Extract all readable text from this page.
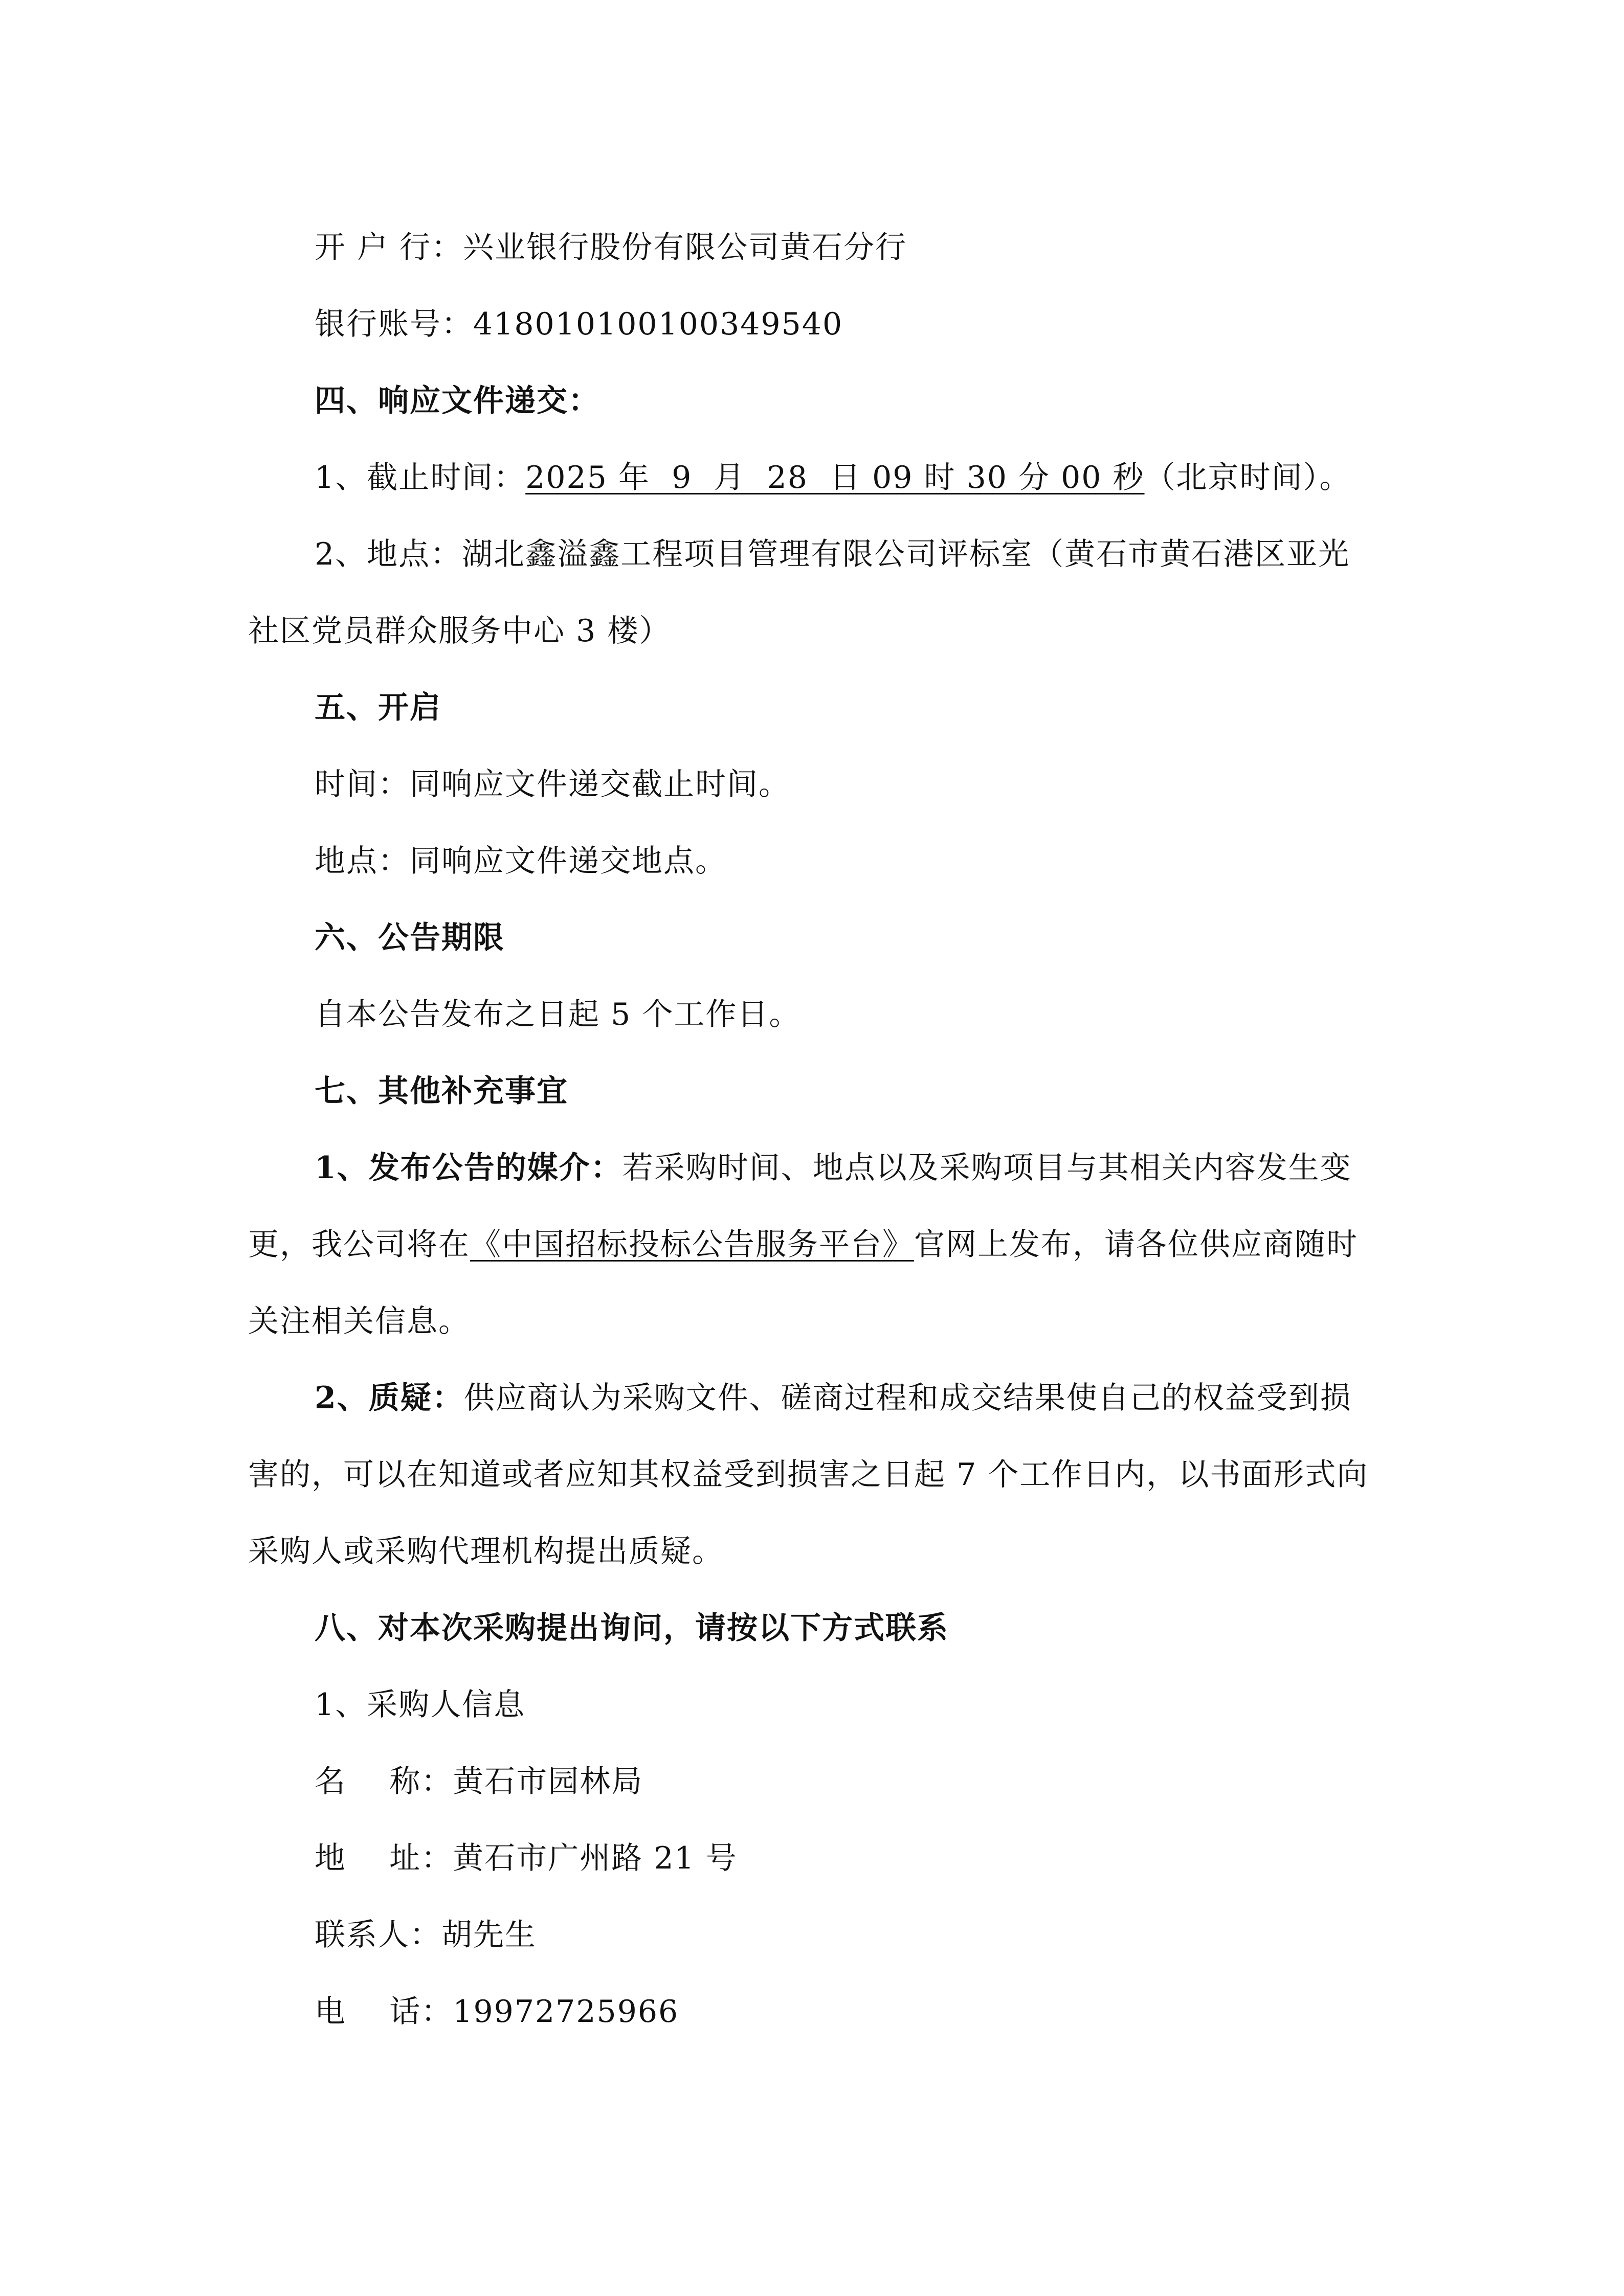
开 户 行：兴业银行股份有限公司黄石分行
银行账号：418010100100349540
四、响应文件递交：
1、截止时间：2025 年  9  月  28  日 09 时 30 分 00 秒（北京时间）。
2、地点：湖北鑫溢鑫工程项目管理有限公司评标室（黄石市黄石港区亚光
社区党员群众服务中心 3 楼）
五、开启
时间：同响应文件递交截止时间。
地点：同响应文件递交地点。
六、公告期限
自本公告发布之日起 5 个工作日。
七、其他补充事宜
1、发布公告的媒介：若采购时间、地点以及采购项目与其相关内容发生变
更，我公司将在《中国招标投标公告服务平台》官网上发布，请各位供应商随时
关注相关信息。
2、质疑：供应商认为采购文件、磋商过程和成交结果使自己的权益受到损
害的，可以在知道或者应知其权益受到损害之日起 7 个工作日内，以书面形式向
采购人或采购代理机构提出质疑。
八、对本次采购提出询问，请按以下方式联系
1、采购人信息
名    称：黄石市园林局
地    址：黄石市广州路 21 号
联系人：胡先生
电    话：19972725966
